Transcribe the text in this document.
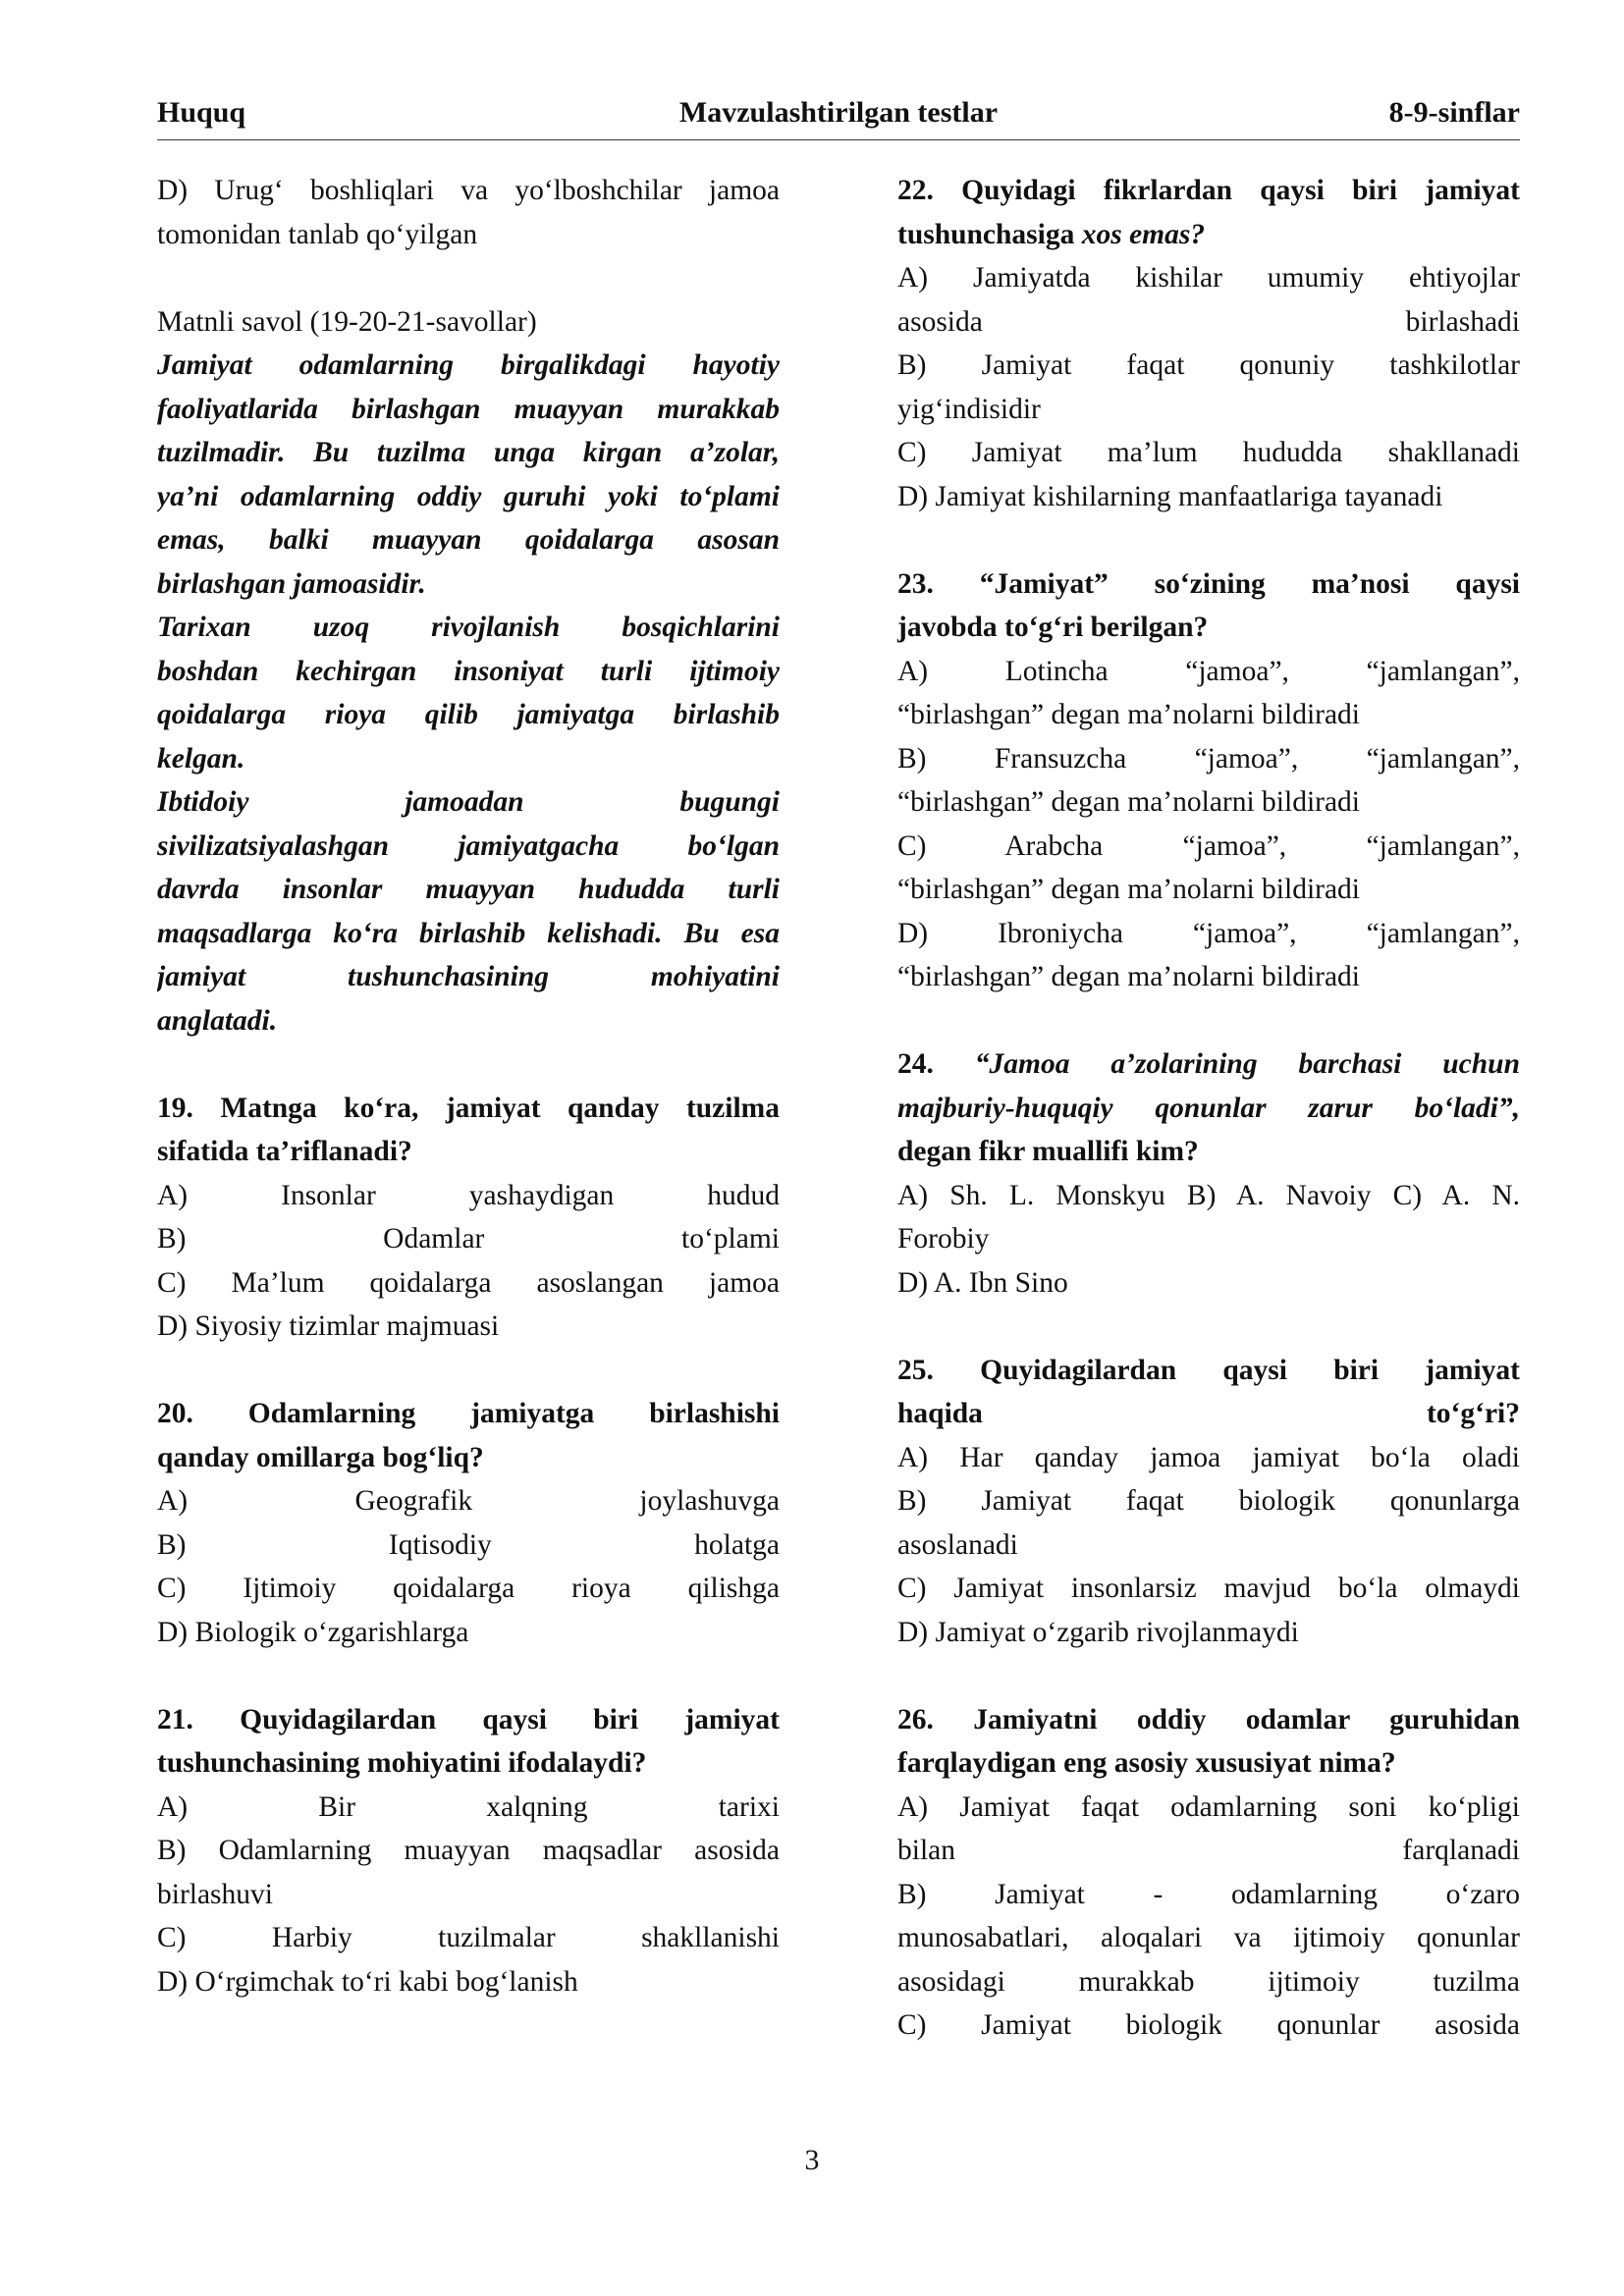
Mavzulashtirilgan testlar
Huquq	8-9-sinflar
D) Urug‘ boshliqlari va yo‘lboshchilar jamoa
tomonidan tanlab qo‘yilgan
Matnli savol (19-20-21-savollar)
Jamiyat odamlarning birgalikdagi hayotiy
faoliyatlarida birlashgan muayyan murakkab
tuzilmadir. Bu tuzilma unga kirgan a’zolar,
ya’ni odamlarning oddiy guruhi yoki to‘plami
emas, balki muayyan qoidalarga asosan
birlashgan jamoasidir.
Tarixan uzoq rivojlanish bosqichlarini
boshdan kechirgan insoniyat turli ijtimoiy
qoidalarga rioya qilib jamiyatga birlashib
kelgan.
Ibtidoiy jamoadan bugungi
sivilizatsiyalashgan jamiyatgacha bo‘lgan
davrda insonlar muayyan hududda turli
maqsadlarga ko‘ra birlashib kelishadi. Bu esa
jamiyat tushunchasining mohiyatini
anglatadi.
19. Matnga ko‘ra, jamiyat qanday tuzilma
sifatida ta’riflanadi?
A) Insonlar yashaydigan hudud
B) Odamlar to‘plami
C) Ma’lum qoidalarga asoslangan jamoa
D) Siyosiy tizimlar majmuasi
20. Odamlarning jamiyatga birlashishi
qanday omillarga bog‘liq?
A) Geografik joylashuvga
B) Iqtisodiy holatga
C) Ijtimoiy qoidalarga rioya qilishga
D) Biologik o‘zgarishlarga
21. Quyidagilardan qaysi biri jamiyat
tushunchasining mohiyatini ifodalaydi?
A) Bir xalqning tarixi
B) Odamlarning muayyan maqsadlar asosida
birlashuvi
C) Harbiy tuzilmalar shakllanishi
D) O‘rgimchak to‘ri kabi bog‘lanish
22. Quyidagi fikrlardan qaysi biri jamiyat
tushunchasiga xos emas?
A) Jamiyatda kishilar umumiy ehtiyojlar
asosida birlashadi
B) Jamiyat faqat qonuniy tashkilotlar
yig‘indisidir
C) Jamiyat ma’lum hududda shakllanadi
D) Jamiyat kishilarning manfaatlariga tayanadi
23. “Jamiyat” so‘zining ma’nosi qaysi
javobda to‘g‘ri berilgan?
A) Lotincha “jamoa”, “jamlangan”,
“birlashgan” degan ma’nolarni bildiradi
B) Fransuzcha “jamoa”, “jamlangan”,
“birlashgan” degan ma’nolarni bildiradi
C) Arabcha “jamoa”, “jamlangan”,
“birlashgan” degan ma’nolarni bildiradi
D) Ibroniycha “jamoa”, “jamlangan”,
“birlashgan” degan ma’nolarni bildiradi
24. “Jamoa a’zolarining barchasi uchun
majburiy-huquqiy qonunlar zarur bo‘ladi”,
degan fikr muallifi kim?
A) Sh. L. Monskyu B) A. Navoiy C) A. N.
Forobiy
D) A. Ibn Sino
25. Quyidagilardan qaysi biri jamiyat
haqida to‘g‘ri?
A) Har qanday jamoa jamiyat bo‘la oladi
B) Jamiyat faqat biologik qonunlarga
asoslanadi
C) Jamiyat insonlarsiz mavjud bo‘la olmaydi
D) Jamiyat o‘zgarib rivojlanmaydi
26. Jamiyatni oddiy odamlar guruhidan
farqlaydigan eng asosiy xususiyat nima?
A) Jamiyat faqat odamlarning soni ko‘pligi
bilan farqlanadi
B) Jamiyat - odamlarning o‘zaro
munosabatlari, aloqalari va ijtimoiy qonunlar
asosidagi murakkab ijtimoiy tuzilma
C) Jamiyat biologik qonunlar asosida
3
